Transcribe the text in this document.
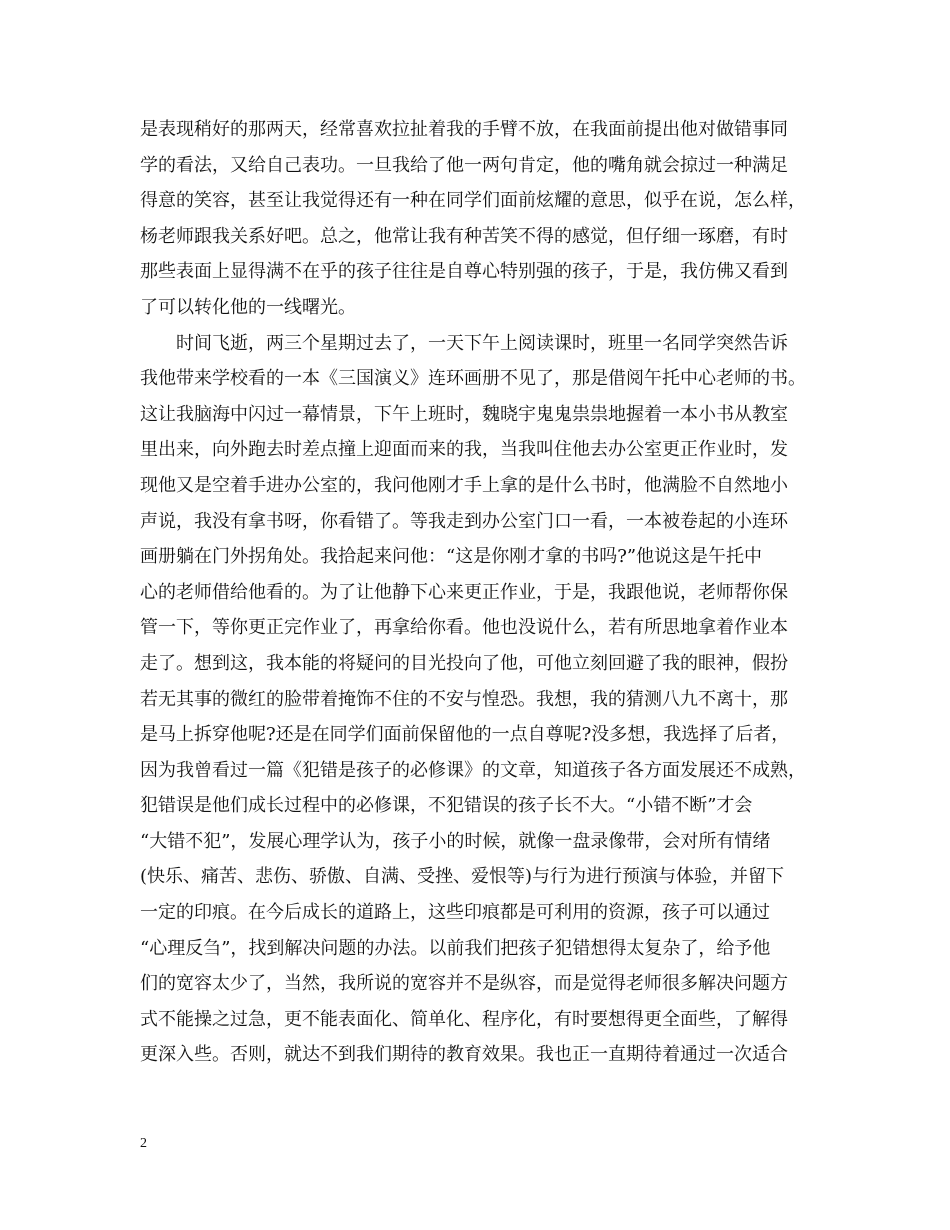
是表现稍好的那两天，经常喜欢拉扯着我的手臂不放，在我面前提出他对做错事同
学的看法，又给自己表功。一旦我给了他一两句肯定，他的嘴角就会掠过一种满足
得意的笑容，甚至让我觉得还有一种在同学们面前炫耀的意思，似乎在说，怎么样，
杨老师跟我关系好吧。总之，他常让我有种苦笑不得的感觉，但仔细一琢磨，有时
那些表面上显得满不在乎的孩子往往是自尊心特别强的孩子，于是，我仿佛又看到
了可以转化他的一线曙光。
时间飞逝，两三个星期过去了，一天下午上阅读课时，班里一名同学突然告诉
我他带来学校看的一本《三国演义》连环画册不见了，那是借阅午托中心老师的书。
这让我脑海中闪过一幕情景，下午上班时，魏晓宇鬼鬼祟祟地握着一本小书从教室
里出来，向外跑去时差点撞上迎面而来的我，当我叫住他去办公室更正作业时，发
现他又是空着手进办公室的，我问他刚才手上拿的是什么书时，他满脸不自然地小
声说，我没有拿书呀，你看错了。等我走到办公室门口一看，一本被卷起的小连环
画册躺在门外拐角处。我拾起来问他：“这是你刚才拿的书吗?”他说这是午托中
心的老师借给他看的。为了让他静下心来更正作业，于是，我跟他说，老师帮你保
管一下，等你更正完作业了，再拿给你看。他也没说什么，若有所思地拿着作业本
走了。想到这，我本能的将疑问的目光投向了他，可他立刻回避了我的眼神，假扮
若无其事的微红的脸带着掩饰不住的不安与惶恐。我想，我的猜测八九不离十，那
是马上拆穿他呢?还是在同学们面前保留他的一点自尊呢?没多想，我选择了后者，
因为我曾看过一篇《犯错是孩子的必修课》的文章，知道孩子各方面发展还不成熟，
犯错误是他们成长过程中的必修课，不犯错误的孩子长不大。“小错不断”才会
“大错不犯”，发展心理学认为，孩子小的时候，就像一盘录像带，会对所有情绪
(快乐、痛苦、悲伤、骄傲、自满、受挫、爱恨等)与行为进行预演与体验，并留下
一定的印痕。在今后成长的道路上，这些印痕都是可利用的资源，孩子可以通过
“心理反刍”，找到解决问题的办法。以前我们把孩子犯错想得太复杂了，给予他
们的宽容太少了，当然，我所说的宽容并不是纵容，而是觉得老师很多解决问题方
式不能操之过急，更不能表面化、简单化、程序化，有时要想得更全面些，了解得
更深入些。否则，就达不到我们期待的教育效果。我也正一直期待着通过一次适合
2
